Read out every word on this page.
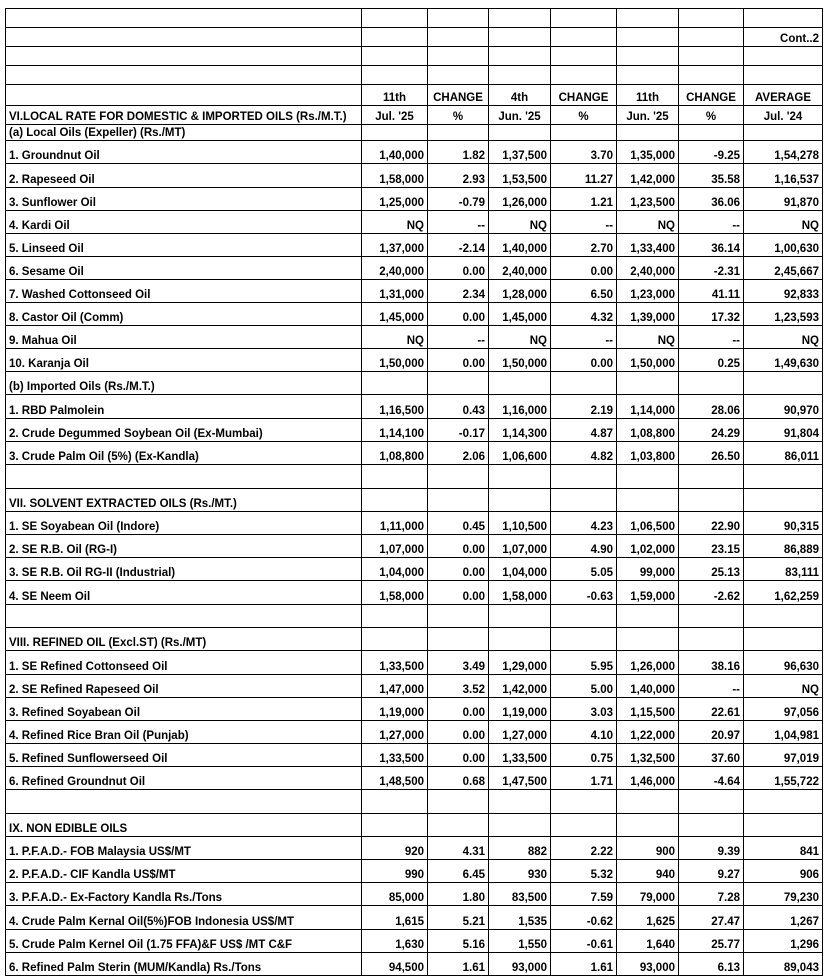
							Cont..2

	11th	CHANGE	4th	CHANGE	11th	CHANGE	AVERAGE
VI.LOCAL RATE FOR DOMESTIC & IMPORTED OILS (Rs./M.T.)	Jul. '25	%	Jun. '25	%	Jun. '25	%	Jul. '24
(a) Local Oils (Expeller) (Rs./MT)							
1. Groundnut Oil	1,40,000	1.82	1,37,500	3.70	1,35,000	-9.25	1,54,278
2. Rapeseed Oil	1,58,000	2.93	1,53,500	11.27	1,42,000	35.58	1,16,537
3. Sunflower Oil	1,25,000	-0.79	1,26,000	1.21	1,23,500	36.06	91,870
4. Kardi Oil	NQ	--	NQ	--	NQ	--	NQ
5. Linseed Oil	1,37,000	-2.14	1,40,000	2.70	1,33,400	36.14	1,00,630
6. Sesame Oil	2,40,000	0.00	2,40,000	0.00	2,40,000	-2.31	2,45,667
7. Washed Cottonseed Oil	1,31,000	2.34	1,28,000	6.50	1,23,000	41.11	92,833
8. Castor Oil (Comm)	1,45,000	0.00	1,45,000	4.32	1,39,000	17.32	1,23,593
9. Mahua Oil	NQ	--	NQ	--	NQ	--	NQ
10. Karanja Oil	1,50,000	0.00	1,50,000	0.00	1,50,000	0.25	1,49,630
(b) Imported Oils (Rs./M.T.)							
1. RBD Palmolein	1,16,500	0.43	1,16,000	2.19	1,14,000	28.06	90,970
2. Crude Degummed Soybean Oil (Ex-Mumbai)	1,14,100	-0.17	1,14,300	4.87	1,08,800	24.29	91,804
3. Crude Palm Oil (5%) (Ex-Kandla)	1,08,800	2.06	1,06,600	4.82	1,03,800	26.50	86,011

VII. SOLVENT EXTRACTED OILS (Rs./MT.)							
1. SE Soyabean Oil (Indore)	1,11,000	0.45	1,10,500	4.23	1,06,500	22.90	90,315
2. SE R.B. Oil (RG-I)	1,07,000	0.00	1,07,000	4.90	1,02,000	23.15	86,889
3. SE R.B. Oil RG-II (Industrial)	1,04,000	0.00	1,04,000	5.05	99,000	25.13	83,111
4. SE Neem Oil	1,58,000	0.00	1,58,000	-0.63	1,59,000	-2.62	1,62,259

VIII. REFINED OIL (Excl.ST) (Rs./MT)							
1. SE Refined Cottonseed Oil	1,33,500	3.49	1,29,000	5.95	1,26,000	38.16	96,630
2. SE Refined Rapeseed Oil	1,47,000	3.52	1,42,000	5.00	1,40,000	--	NQ
3. Refined Soyabean Oil	1,19,000	0.00	1,19,000	3.03	1,15,500	22.61	97,056
4. Refined Rice Bran Oil (Punjab)	1,27,000	0.00	1,27,000	4.10	1,22,000	20.97	1,04,981
5. Refined Sunflowerseed Oil	1,33,500	0.00	1,33,500	0.75	1,32,500	37.60	97,019
6. Refined Groundnut Oil	1,48,500	0.68	1,47,500	1.71	1,46,000	-4.64	1,55,722

IX. NON EDIBLE OILS							
1. P.F.A.D.- FOB Malaysia US$/MT	920	4.31	882	2.22	900	9.39	841
2. P.F.A.D.- CIF Kandla US$/MT	990	6.45	930	5.32	940	9.27	906
3. P.F.A.D.- Ex-Factory Kandla Rs./Tons	85,000	1.80	83,500	7.59	79,000	7.28	79,230
4. Crude Palm Kernal Oil(5%)FOB Indonesia US$/MT	1,615	5.21	1,535	-0.62	1,625	27.47	1,267
5. Crude Palm Kernel Oil (1.75 FFA)&F US$ /MT C&F	1,630	5.16	1,550	-0.61	1,640	25.77	1,296
6. Refined Palm Sterin (MUM/Kandla) Rs./Tons	94,500	1.61	93,000	1.61	93,000	6.13	89,043
